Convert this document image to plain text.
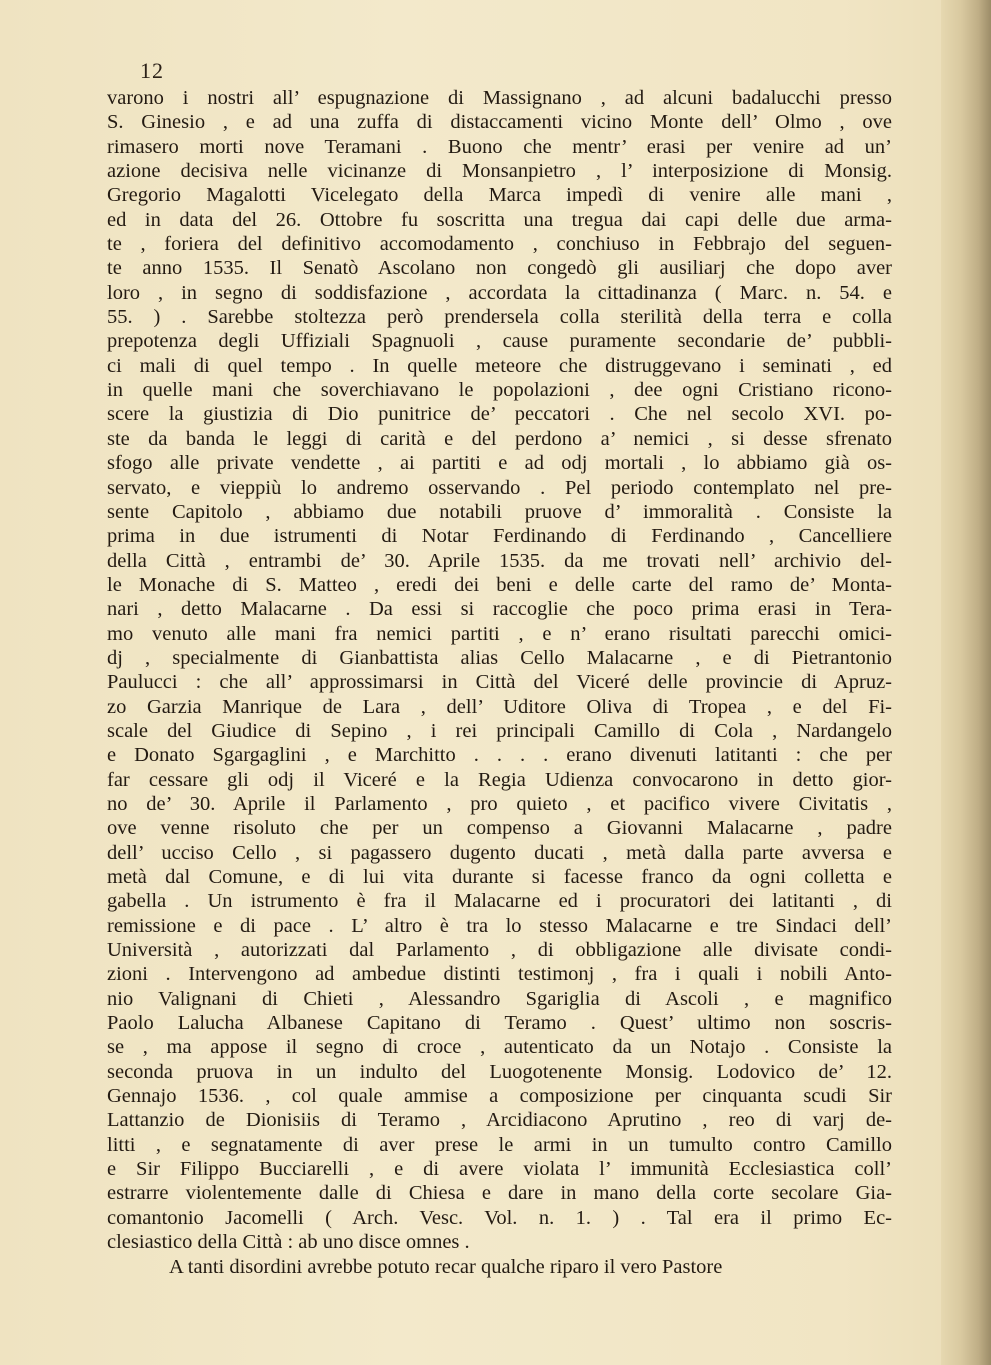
12
varono i nostri all’ espugnazione di Massignano , ad alcuni badalucchi presso
S. Ginesio , e ad una zuffa di distaccamenti vicino Monte dell’ Olmo , ove
rimasero morti nove Teramani . Buono che mentr’ erasi per venire ad un’
azione decisiva nelle vicinanze di Monsanpietro , l’ interposizione di Monsig.
Gregorio Magalotti Vicelegato della Marca impedì di venire alle mani ,
ed in data del 26. Ottobre fu soscritta una tregua dai capi delle due arma-
te , foriera del definitivo accomodamento , conchiuso in Febbrajo del seguen-
te anno 1535. Il Senatò Ascolano non congedò gli ausiliarj che dopo aver
loro , in segno di soddisfazione , accordata la cittadinanza ( Marc. n. 54. e
55. ) . Sarebbe stoltezza però prendersela colla sterilità della terra e colla
prepotenza degli Uffiziali Spagnuoli , cause puramente secondarie de’ pubbli-
ci mali di quel tempo . In quelle meteore che distruggevano i seminati , ed
in quelle mani che soverchiavano le popolazioni , dee ogni Cristiano ricono-
scere la giustizia di Dio punitrice de’ peccatori . Che nel secolo XVI. po-
ste da banda le leggi di carità e del perdono a’ nemici , si desse sfrenato
sfogo alle private vendette , ai partiti e ad odj mortali , lo abbiamo già os-
servato, e vieppiù lo andremo osservando . Pel periodo contemplato nel pre-
sente Capitolo , abbiamo due notabili pruove d’ immoralità . Consiste la
prima in due istrumenti di Notar Ferdinando di Ferdinando , Cancelliere
della Città , entrambi de’ 30. Aprile 1535. da me trovati nell’ archivio del-
le Monache di S. Matteo , eredi dei beni e delle carte del ramo de’ Monta-
nari , detto Malacarne . Da essi si raccoglie che poco prima erasi in Tera-
mo venuto alle mani fra nemici partiti , e n’ erano risultati parecchi omici-
dj , specialmente di Gianbattista alias Cello Malacarne , e di Pietrantonio
Paulucci : che all’ approssimarsi in Città del Viceré delle provincie di Apruz-
zo Garzia Manrique de Lara , dell’ Uditore Oliva di Tropea , e del Fi-
scale del Giudice di Sepino , i rei principali Camillo di Cola , Nardangelo
e Donato Sgargaglini , e Marchitto . . . . erano divenuti latitanti : che per
far cessare gli odj il Viceré e la Regia Udienza convocarono in detto gior-
no de’ 30. Aprile il Parlamento , pro quieto , et pacifico vivere Civitatis ,
ove venne risoluto che per un compenso a Giovanni Malacarne , padre
dell’ ucciso Cello , si pagassero dugento ducati , metà dalla parte avversa e
metà dal Comune, e di lui vita durante si facesse franco da ogni colletta e
gabella . Un istrumento è fra il Malacarne ed i procuratori dei latitanti , di
remissione e di pace . L’ altro è tra lo stesso Malacarne e tre Sindaci dell’
Università , autorizzati dal Parlamento , di obbligazione alle divisate condi-
zioni . Intervengono ad ambedue distinti testimonj , fra i quali i nobili Anto-
nio Valignani di Chieti , Alessandro Sgariglia di Ascoli , e magnifico
Paolo Lalucha Albanese Capitano di Teramo . Quest’ ultimo non soscris-
se , ma appose il segno di croce , autenticato da un Notajo . Consiste la
seconda pruova in un indulto del Luogotenente Monsig. Lodovico de’ 12.
Gennajo 1536. , col quale ammise a composizione per cinquanta scudi Sir
Lattanzio de Dionisiis di Teramo , Arcidiacono Aprutino , reo di varj de-
litti , e segnatamente di aver prese le armi in un tumulto contro Camillo
e Sir Filippo Bucciarelli , e di avere violata l’ immunità Ecclesiastica coll’
estrarre violentemente dalle di Chiesa e dare in mano della corte secolare Gia-
comantonio Jacomelli ( Arch. Vesc. Vol. n. 1. ) . Tal era il primo Ec-
clesiastico della Città : ab uno disce omnes .
A tanti disordini avrebbe potuto recar qualche riparo il vero Pastore
